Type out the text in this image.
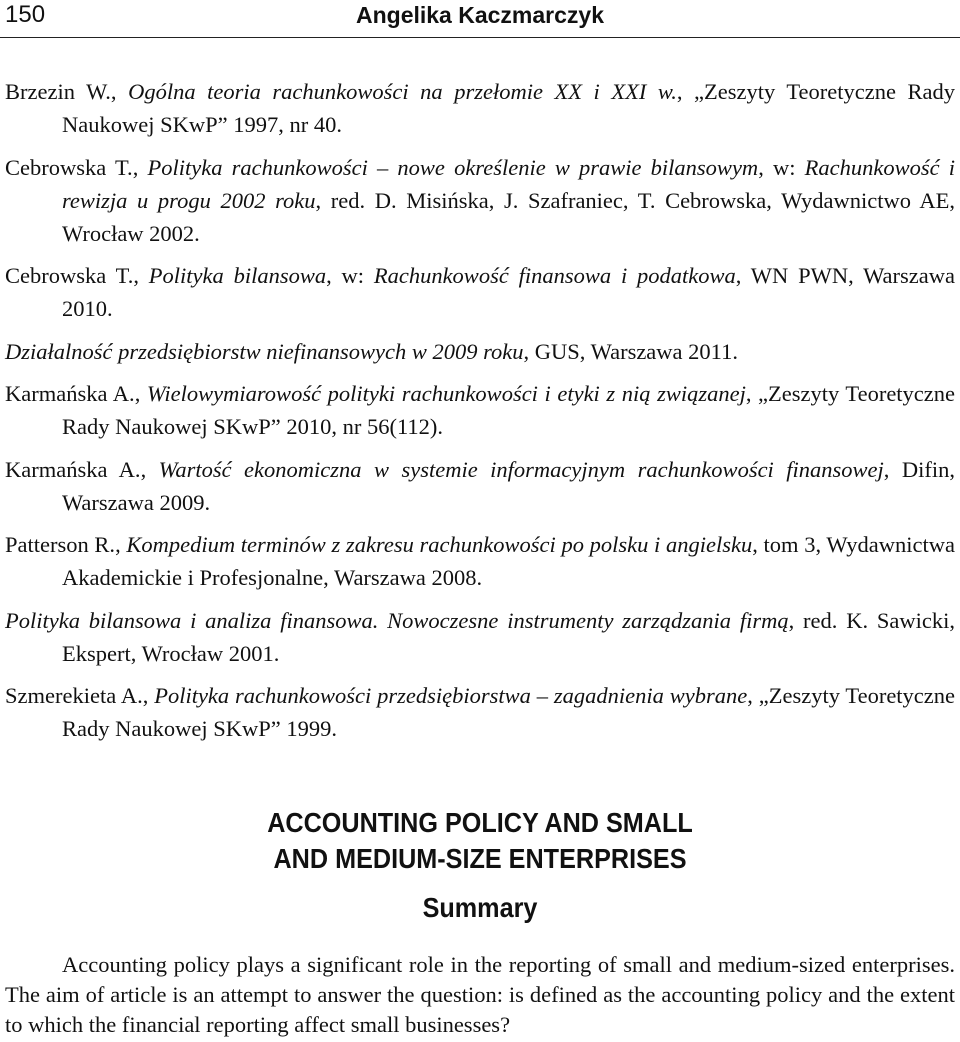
150	Angelika Kaczmarczyk
Brzezin W., Ogólna teoria rachunkowości na przełomie XX i XXI w., „Zeszyty Teoretyczne Rady Naukowej SKwP” 1997, nr 40.
Cebrowska T., Polityka rachunkowości – nowe określenie w prawie bilansowym, w: Rachunkowość i rewizja u progu 2002 roku, red. D. Misińska, J. Szafraniec, T. Cebrowska, Wydawnictwo AE, Wrocław 2002.
Cebrowska T., Polityka bilansowa, w: Rachunkowość finansowa i podatkowa, WN PWN, Warszawa 2010.
Działalność przedsiębiorstw niefinansowych w 2009 roku, GUS, Warszawa 2011.
Karmańska A., Wielowymiarowość polityki rachunkowości i etyki z nią związanej, „Zeszyty Teoretyczne Rady Naukowej SKwP” 2010, nr 56(112).
Karmańska A., Wartość ekonomiczna w systemie informacyjnym rachunkowości finansowej, Difin, Warszawa 2009.
Patterson R., Kompedium terminów z zakresu rachunkowości po polsku i angielsku, tom 3, Wydawnictwa Akademickie i Profesjonalne, Warszawa 2008.
Polityka bilansowa i analiza finansowa. Nowoczesne instrumenty zarządzania firmą, red. K. Sawicki, Ekspert, Wrocław 2001.
Szmerekieta A., Polityka rachunkowości przedsiębiorstwa – zagadnienia wybrane, „Zeszyty Teoretyczne Rady Naukowej SKwP” 1999.
ACCOUNTING POLICY AND SMALL
AND MEDIUM-SIZE ENTERPRISES
Summary

Accounting policy plays a significant role in the reporting of small and medium-sized enterprises. The aim of article is an attempt to answer the question: is defined as the accounting policy and the extent to which the financial reporting affect small businesses?
